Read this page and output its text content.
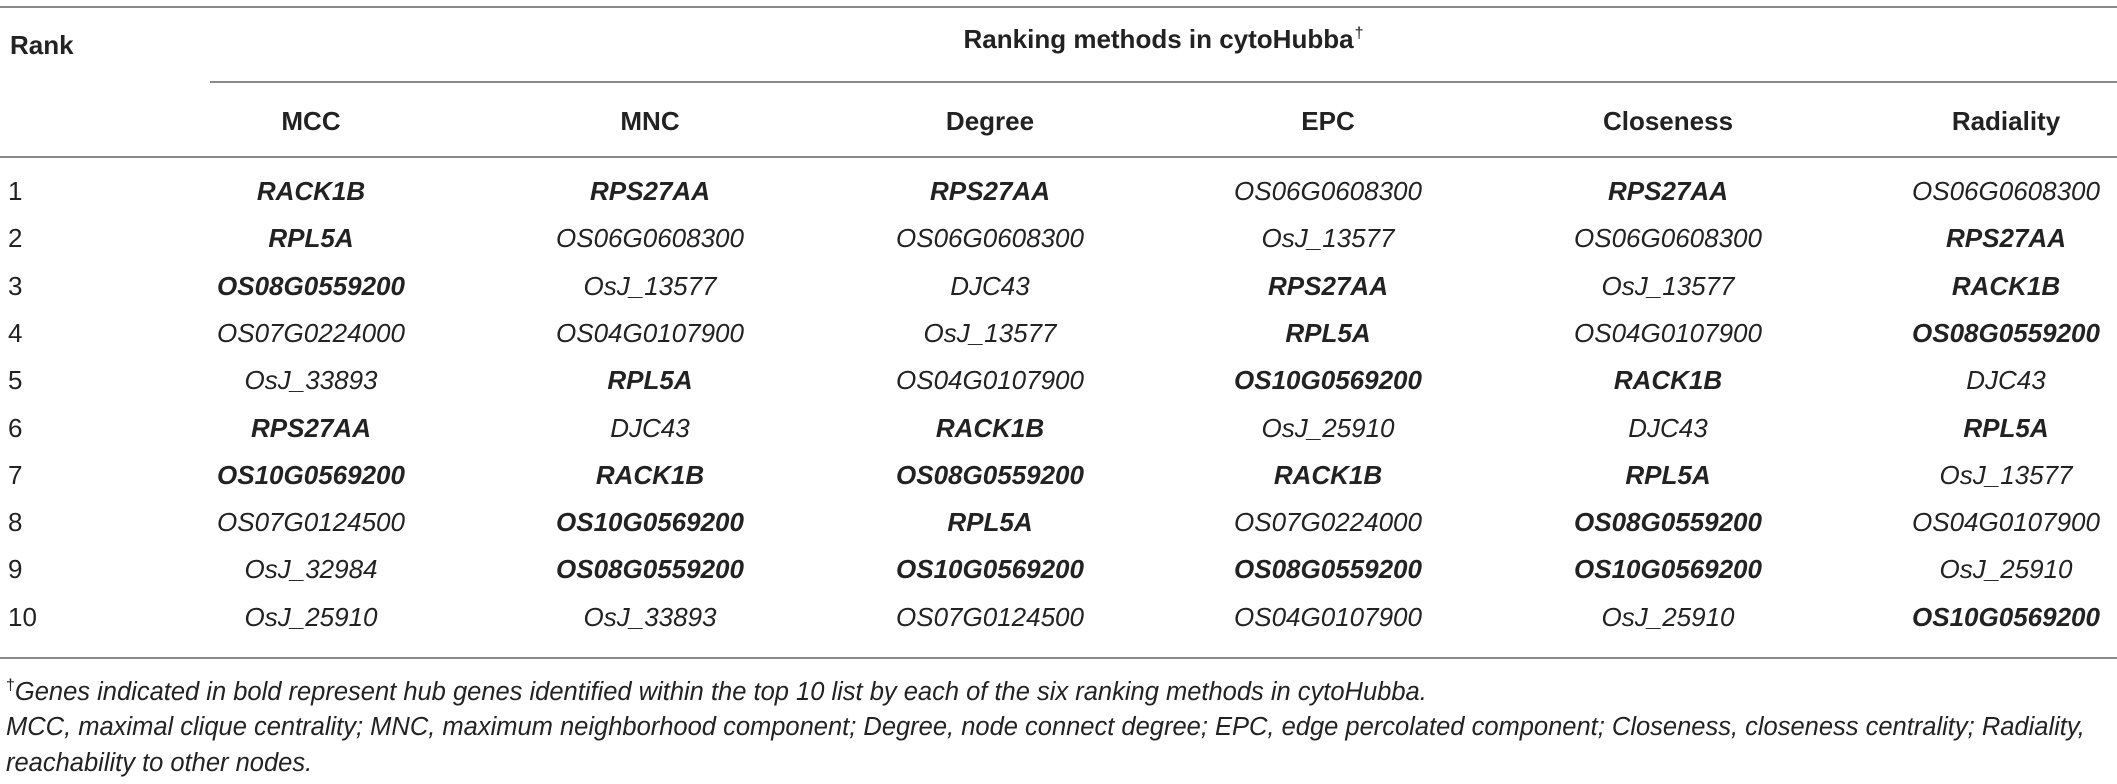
Rank	Ranking methods in cytoHubba†
MCC	MNC	Degree	EPC	Closeness	Radiality
1	RACK1B	RPS27AA	RPS27AA	OS06G0608300	RPS27AA	OS06G0608300
2	RPL5A	OS06G0608300	OS06G0608300	OsJ_13577	OS06G0608300	RPS27AA
3	OS08G0559200	OsJ_13577	DJC43	RPS27AA	OsJ_13577	RACK1B
4	OS07G0224000	OS04G0107900	OsJ_13577	RPL5A	OS04G0107900	OS08G0559200
5	OsJ_33893	RPL5A	OS04G0107900	OS10G0569200	RACK1B	DJC43
6	RPS27AA	DJC43	RACK1B	OsJ_25910	DJC43	RPL5A
7	OS10G0569200	RACK1B	OS08G0559200	RACK1B	RPL5A	OsJ_13577
8	OS07G0124500	OS10G0569200	RPL5A	OS07G0224000	OS08G0559200	OS04G0107900
9	OsJ_32984	OS08G0559200	OS10G0569200	OS08G0559200	OS10G0569200	OsJ_25910
10	OsJ_25910	OsJ_33893	OS07G0124500	OS04G0107900	OsJ_25910	OS10G0569200
†Genes indicated in bold represent hub genes identified within the top 10 list by each of the six ranking methods in cytoHubba.
MCC, maximal clique centrality; MNC, maximum neighborhood component; Degree, node connect degree; EPC, edge percolated component; Closeness, closeness centrality; Radiality, reachability to other nodes.
